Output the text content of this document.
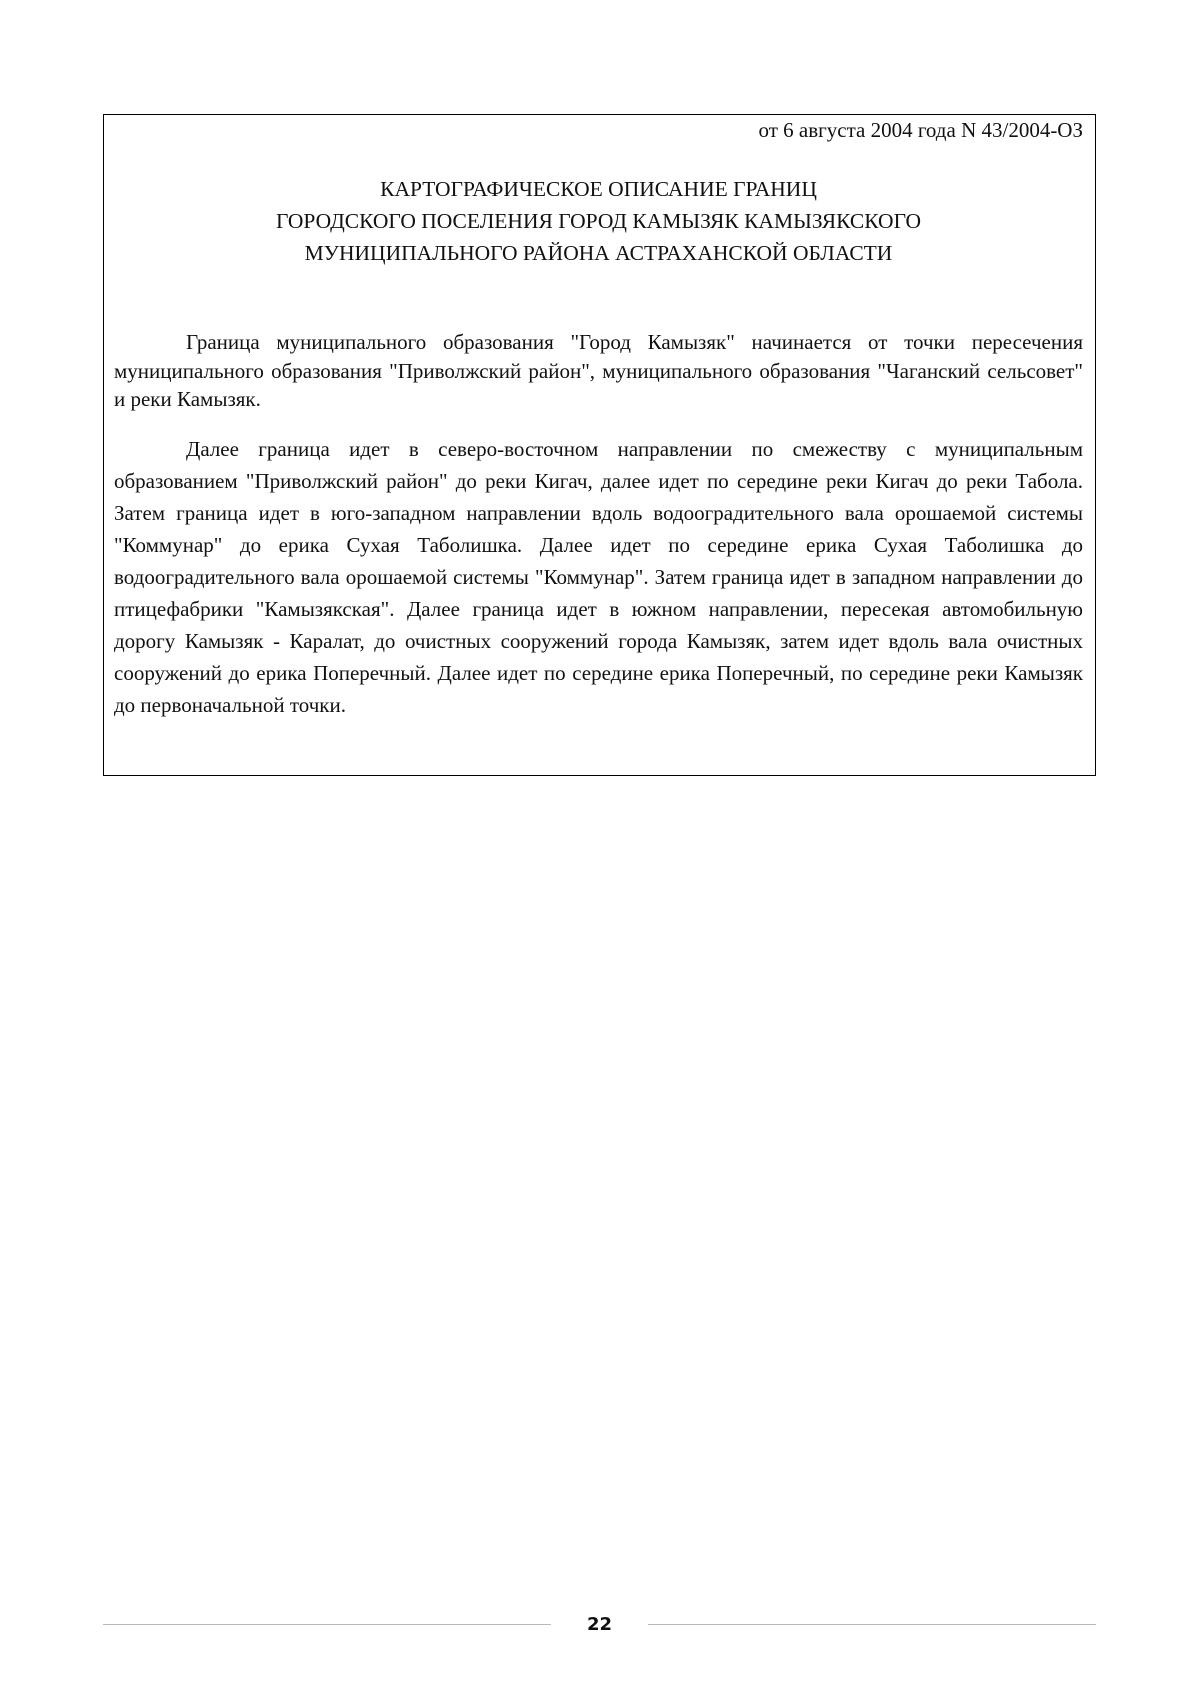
от 6 августа 2004 года N 43/2004-ОЗ
КАРТОГРАФИЧЕСКОЕ ОПИСАНИЕ ГРАНИЦ
ГОРОДСКОГО ПОСЕЛЕНИЯ ГОРОД КАМЫЗЯК КАМЫЗЯКСКОГО
МУНИЦИПАЛЬНОГО РАЙОНА АСТРАХАНСКОЙ ОБЛАСТИ

Граница муниципального образования "Город Камызяк" начинается от точки пересечения муниципального образования "Приволжский район", муниципального образования "Чаганский сельсовет" и реки Камызяк.

Далее граница идет в северо-восточном направлении по смежеству с муниципальным образованием "Приволжский район" до реки Кигач, далее идет по середине реки Кигач до реки Табола. Затем граница идет в юго-западном направлении вдоль водооградительного вала орошаемой системы "Коммунар" до ерика Сухая Таболишка. Далее идет по середине ерика Сухая Таболишка до водооградительного вала орошаемой системы "Коммунар". Затем граница идет в западном направлении до птицефабрики "Камызякская". Далее граница идет в южном направлении, пересекая автомобильную дорогу Камызяк - Каралат, до очистных сооружений города Камызяк, затем идет вдоль вала очистных сооружений до ерика Поперечный. Далее идет по середине ерика Поперечный, по середине реки Камызяк до первоначальной точки.

22
